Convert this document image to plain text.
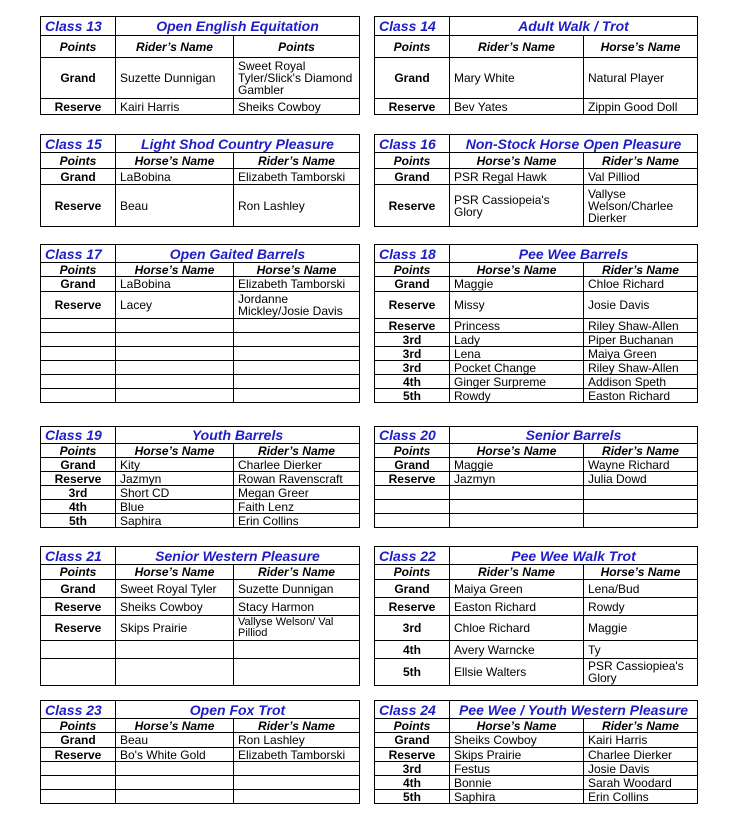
Class 13	Open English Equitation	
Points	Rider’s Name	Points
Grand	Suzette Dunnigan	Sweet Royal Tyler/Slick's Diamond Gambler
Reserve	Kairi Harris	Sheiks Cowboy
Class 14	Adult Walk / Trot	
Points	Rider’s Name	Horse’s Name
Grand	Mary White	Natural Player
Reserve	Bev Yates	Zippin Good Doll
Class 15	Light Shod Country Pleasure	
Points	Horse’s Name	Rider’s Name
Grand	LaBobina	Elizabeth Tamborski
Reserve	Beau	Ron Lashley
Class 16	Non-Stock Horse Open Pleasure	
Points	Horse’s Name	Rider’s Name
Grand	PSR Regal Hawk	Val Pilliod
Reserve	PSR Cassiopeia's Glory	Vallyse Welson/Charlee Dierker
Class 17	Open Gaited Barrels	
Points	Horse’s Name	Horse’s Name
Grand	LaBobina	Elizabeth Tamborski
Reserve	Lacey	Jordanne Mickley/Josie Davis

Class 18	Pee Wee Barrels	
Points	Horse’s Name	Rider’s Name
Grand	Maggie	Chloe Richard
Reserve	Missy	Josie Davis
Reserve	Princess	Riley Shaw-Allen
3rd	Lady	Piper Buchanan
3rd	Lena	Maiya Green
3rd	Pocket Change	Riley Shaw-Allen
4th	Ginger Surpreme	Addison Speth
5th	Rowdy	Easton Richard
Class 19	Youth Barrels	
Points	Horse’s Name	Rider’s Name
Grand	Kity	Charlee Dierker
Reserve	Jazmyn	Rowan Ravenscraft
3rd	Short CD	Megan Greer
4th	Blue	Faith Lenz
5th	Saphira	Erin Collins
Class 20	Senior Barrels	
Points	Horse’s Name	Rider’s Name
Grand	Maggie	Wayne Richard
Reserve	Jazmyn	Julia Dowd

Class 21	Senior Western Pleasure	
Points	Horse’s Name	Rider’s Name
Grand	Sweet Royal Tyler	Suzette Dunnigan
Reserve	Sheiks Cowboy	Stacy Harmon
Reserve	Skips Prairie	Vallyse Welson/ Val Pilliod

Class 22	Pee Wee Walk Trot	
Points	Rider’s Name	Horse’s Name
Grand	Maiya Green	Lena/Bud
Reserve	Easton Richard	Rowdy
3rd	Chloe Richard	Maggie
4th	Avery Warncke	Ty
5th	Ellsie Walters	PSR Cassiopiea's Glory
Class 23	Open Fox Trot	
Points	Horse’s Name	Rider’s Name
Grand	Beau	Ron Lashley
Reserve	Bo's White Gold	Elizabeth Tamborski

Class 24	Pee Wee / Youth Western Pleasure	
Points	Horse’s Name	Rider’s Name
Grand	Sheiks Cowboy	Kairi Harris
Reserve	Skips Prairie	Charlee Dierker
3rd	Festus	Josie Davis
4th	Bonnie	Sarah Woodard
5th	Saphira	Erin Collins
